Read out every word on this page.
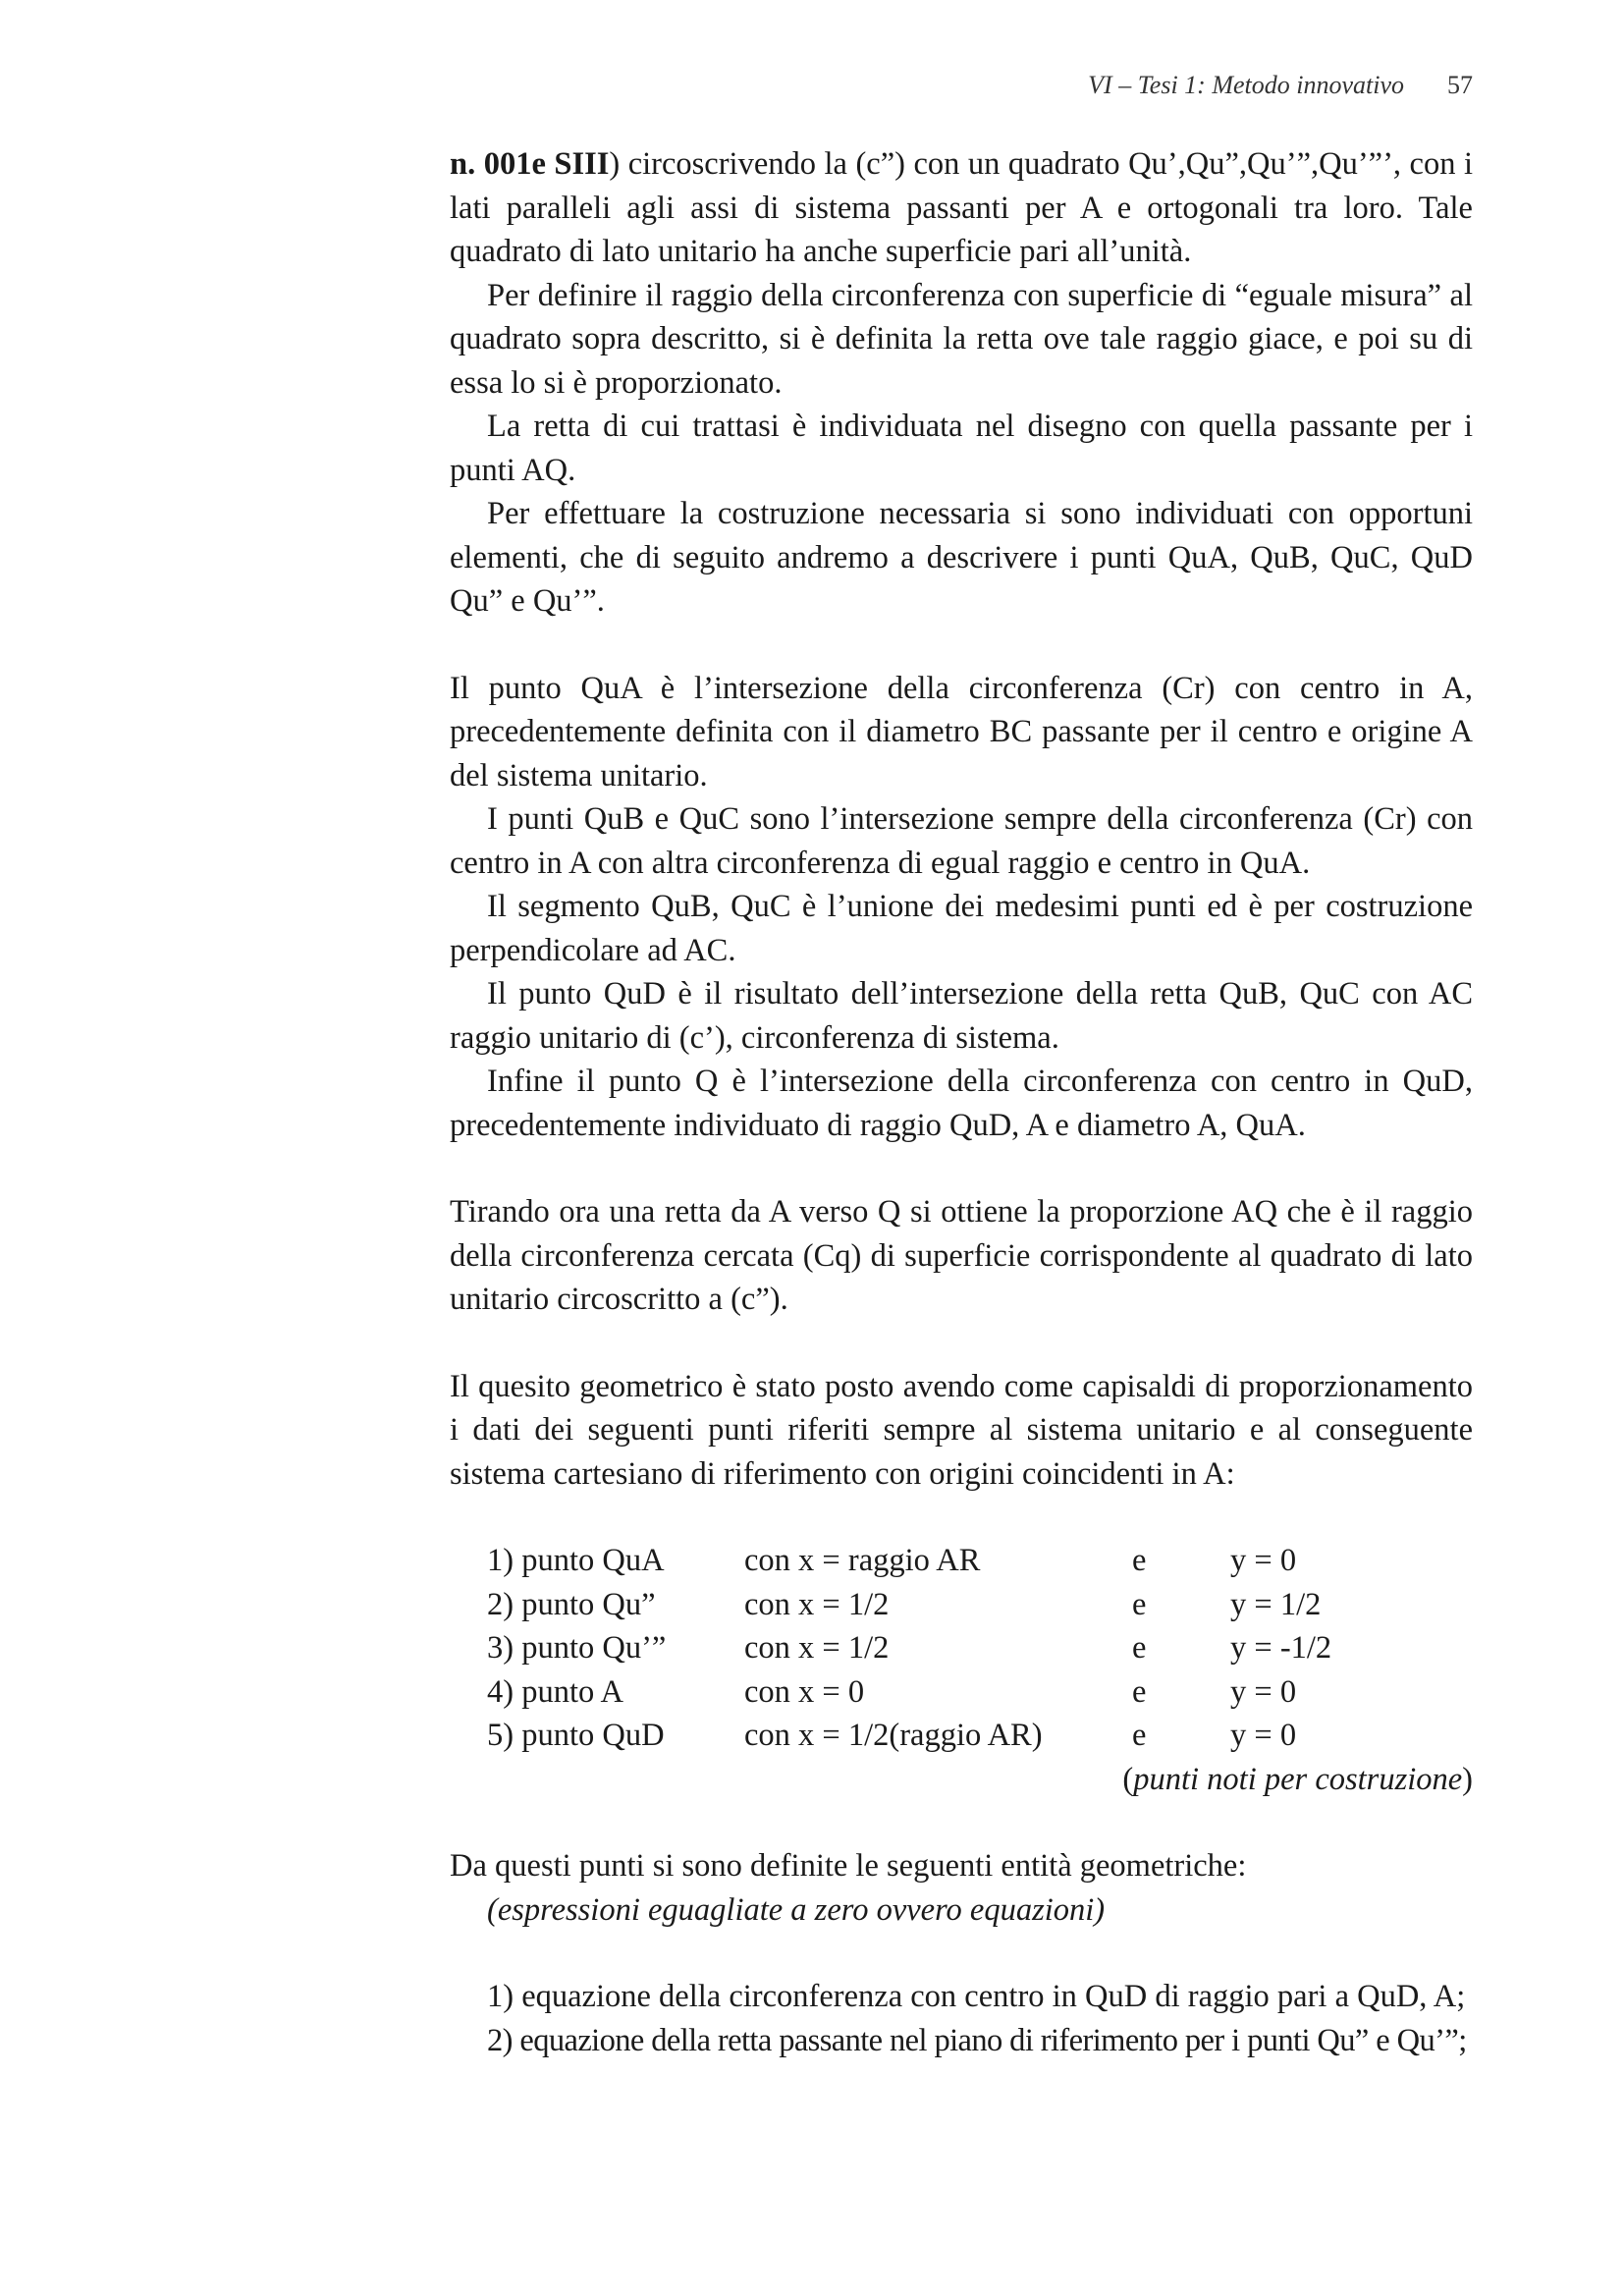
VI – Tesi 1: Metodo innovativo 57

n. 001e SIII) circoscrivendo la (c”) con un quadrato Qu’,Qu”,Qu’”,Qu’”’, con i lati paralleli agli assi di sistema passanti per A e ortogonali tra loro. Tale quadrato di lato unitario ha anche superficie pari all’unità.

Per definire il raggio della circonferenza con superficie di “eguale misura” al quadrato sopra descritto, si è definita la retta ove tale raggio giace, e poi su di essa lo si è proporzionato.

La retta di cui trattasi è individuata nel disegno con quella passante per i punti AQ.

Per effettuare la costruzione necessaria si sono individuati con opportuni elementi, che di seguito andremo a descrivere i punti QuA, QuB, QuC, QuD Qu” e Qu’”.

Il punto QuA è l’intersezione della circonferenza (Cr) con centro in A, precedentemente definita con il diametro BC passante per il centro e origine A del sistema unitario.

I punti QuB e QuC sono l’intersezione sempre della circonferenza (Cr) con centro in A con altra circonferenza di egual raggio e centro in QuA.

Il segmento QuB, QuC è l’unione dei medesimi punti ed è per costruzione perpendicolare ad AC.

Il punto QuD è il risultato dell’intersezione della retta QuB, QuC con AC raggio unitario di (c’), circonferenza di sistema.

Infine il punto Q è l’intersezione della circonferenza con centro in QuD, precedentemente individuato di raggio QuD, A e diametro A, QuA.

Tirando ora una retta da A verso Q si ottiene la proporzione AQ che è il raggio della circonferenza cercata (Cq) di superficie corrispondente al quadrato di lato unitario circoscritto a (c”).

Il quesito geometrico è stato posto avendo come capisaldi di proporzionamento i dati dei seguenti punti riferiti sempre al sistema unitario e al conseguente sistema cartesiano di riferimento con origini coincidenti in A:

1) punto QuA	con x = raggio AR	e	y = 0
2) punto Qu”	con x = 1/2	e	y = 1/2
3) punto Qu’”	con x = 1/2	e	y = -1/2
4) punto A	con x = 0	e	y = 0
5) punto QuD	con x = 1/2(raggio AR)	e	y = 0

(punti noti per costruzione)

Da questi punti si sono definite le seguenti entità geometriche:

(espressioni eguagliate a zero ovvero equazioni)

1) equazione della circonferenza con centro in QuD di raggio pari a QuD, A;
2) equazione della retta passante nel piano di riferimento per i punti Qu” e Qu’”;
